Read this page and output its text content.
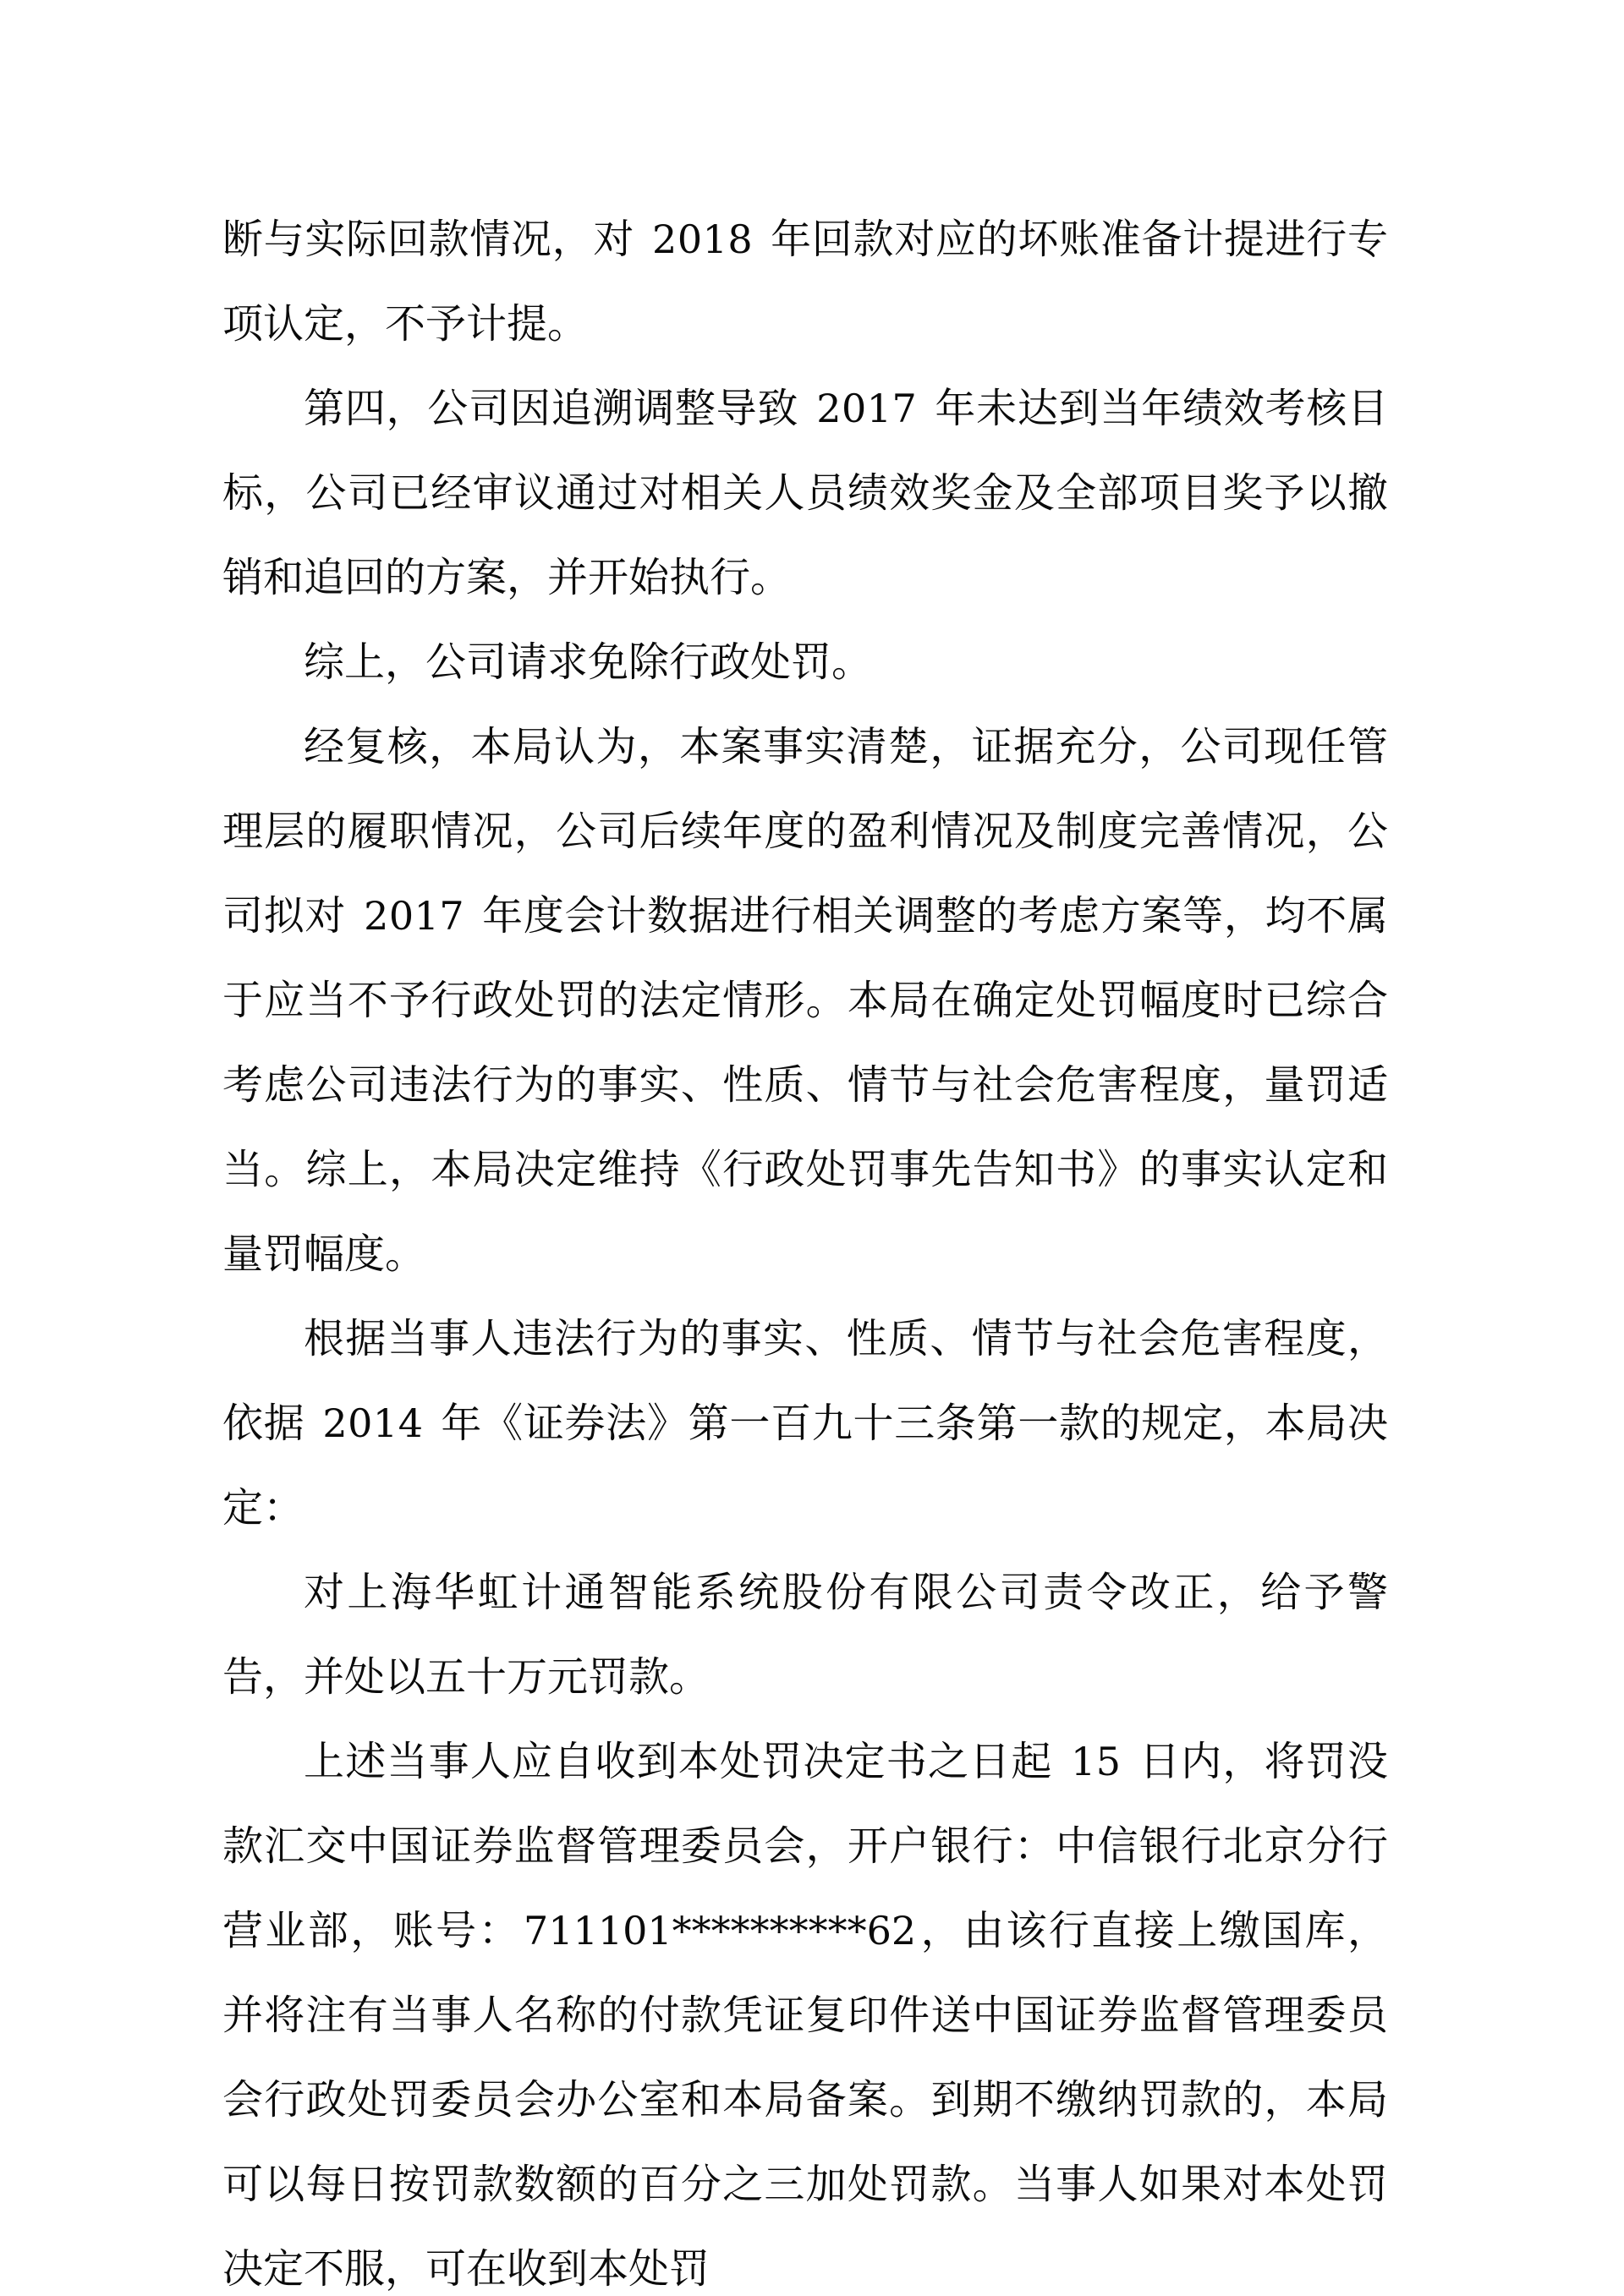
断与实际回款情况，对 2018 年回款对应的坏账准备计提进行专项认定，不予计提。

第四，公司因追溯调整导致 2017 年未达到当年绩效考核目标，公司已经审议通过对相关人员绩效奖金及全部项目奖予以撤销和追回的方案，并开始执行。

综上，公司请求免除行政处罚。

经复核，本局认为，本案事实清楚，证据充分，公司现任管理层的履职情况，公司后续年度的盈利情况及制度完善情况，公司拟对 2017 年度会计数据进行相关调整的考虑方案等，均不属于应当不予行政处罚的法定情形。本局在确定处罚幅度时已综合考虑公司违法行为的事实、性质、情节与社会危害程度，量罚适当。综上，本局决定维持《行政处罚事先告知书》的事实认定和量罚幅度。

根据当事人违法行为的事实、性质、情节与社会危害程度，依据 2014 年《证券法》第一百九十三条第一款的规定，本局决定：

对上海华虹计通智能系统股份有限公司责令改正，给予警告，并处以五十万元罚款。

上述当事人应自收到本处罚决定书之日起 15 日内，将罚没款汇交中国证券监督管理委员会，开户银行：中信银行北京分行营业部，账号：711101**********62，由该行直接上缴国库，并将注有当事人名称的付款凭证复印件送中国证券监督管理委员会行政处罚委员会办公室和本局备案。到期不缴纳罚款的，本局可以每日按罚款数额的百分之三加处罚款。当事人如果对本处罚决定不服，可在收到本处罚
